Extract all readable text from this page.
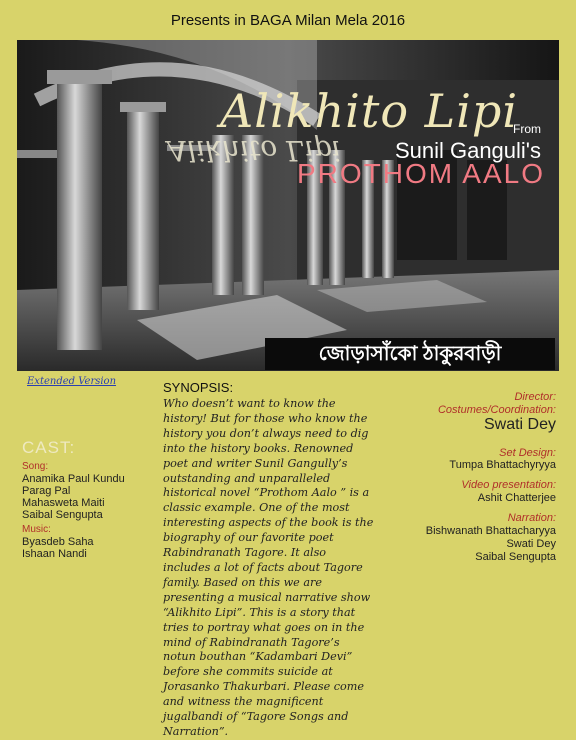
Presents in BAGA Milan Mela 2016
Alikhito Lipi
Alikhito Lipi
From
Sunil Ganguli's
PROTHOM AALO
জোড়াসাঁকো ঠাকুরবাড়ী
Extended Version	SYNOPSIS:
Who doesn’t want to know the
history! But for those who know the
history you don’t always need to dig
into the history books. Renowned
poet and writer Sunil Gangully’s
outstanding and unparalleled
historical novel “Prothom Aalo ” is a
classic example. One of the most
interesting aspects of the book is the
biography of our favorite poet
Rabindranath Tagore. It also
includes a lot of facts about Tagore
family. Based on this we are
presenting a musical narrative show
“Alikhito Lipi”. This is a story that
tries to portray what goes on in the
mind of Rabindranath Tagore’s
notun bouthan “Kadambari Devi”
before she commits suicide at
Jorasanko Thakurbari. Please come
and witness the magnificent
jugalbandi of “Tagore Songs and
Narration”.
CAST:
Song:
Anamika Paul Kundu
Parag Pal
Mahasweta Maiti
Saibal Sengupta
Music:
Byasdeb Saha
Ishaan Nandi
Director:
Costumes/Coordination:
Swati Dey
Set Design:
Tumpa Bhattachyryya
Video presentation:
Ashit Chatterjee
Narration:
Bishwanath Bhattacharyya
Swati Dey
Saibal Sengupta
